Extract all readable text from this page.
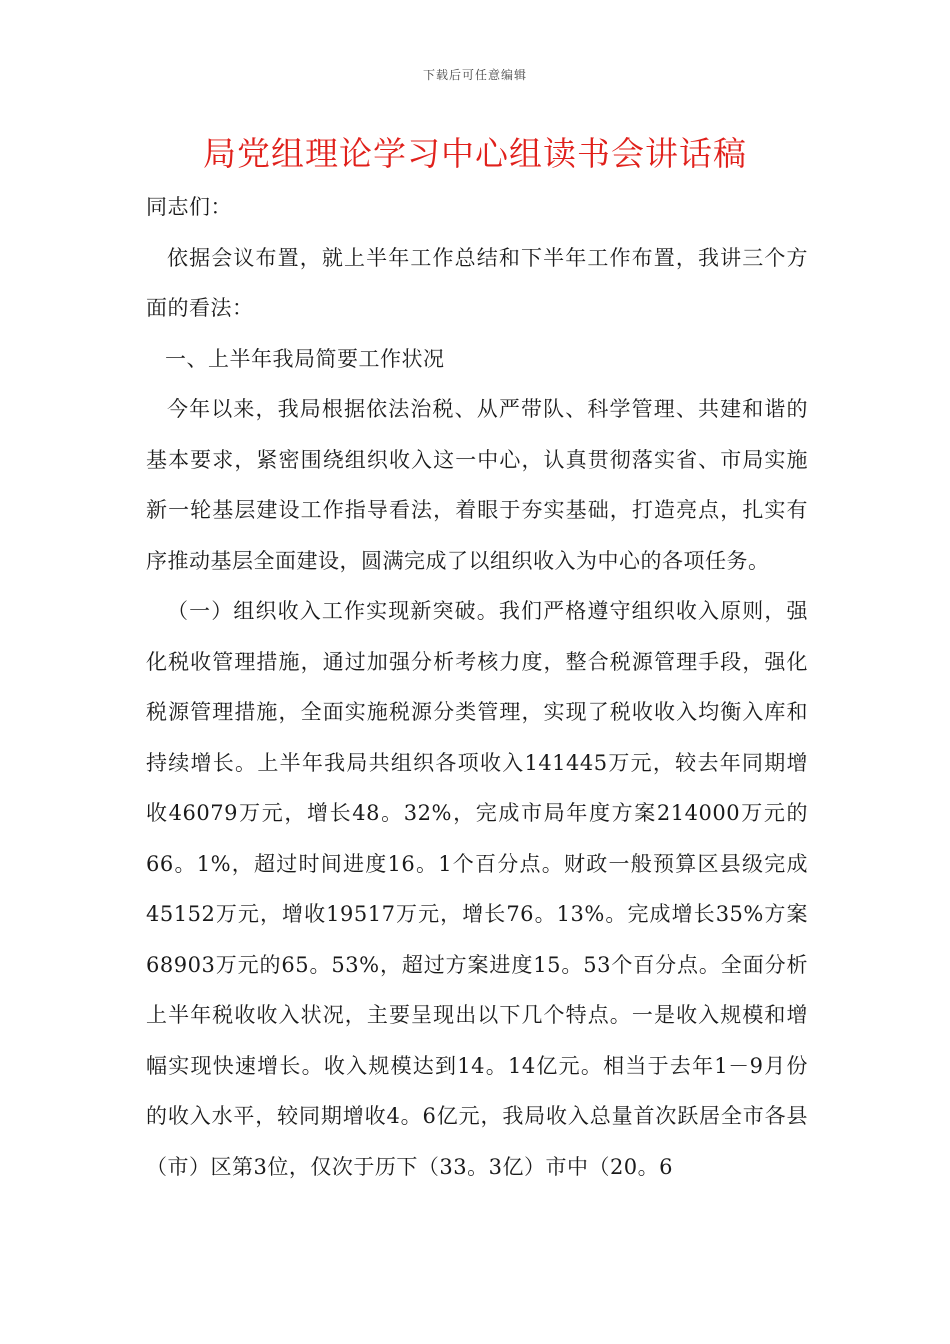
下载后可任意编辑
局党组理论学习中心组读书会讲话稿

同志们：

依据会议布置，就上半年工作总结和下半年工作布置，我讲三个方面的看法：

一、上半年我局简要工作状况

今年以来，我局根据依法治税、从严带队、科学管理、共建和谐的基本要求，紧密围绕组织收入这一中心，认真贯彻落实省、市局实施新一轮基层建设工作指导看法，着眼于夯实基础，打造亮点，扎实有序推动基层全面建设，圆满完成了以组织收入为中心的各项任务。

（一）组织收入工作实现新突破。我们严格遵守组织收入原则，强化税收管理措施，通过加强分析考核力度，整合税源管理手段，强化税源管理措施，全面实施税源分类管理，实现了税收收入均衡入库和持续增长。上半年我局共组织各项收入141445万元，较去年同期增收46079万元，增长48。32%，完成市局年度方案214000万元的66。1%，超过时间进度16。1个百分点。财政一般预算区县级完成45152万元，增收19517万元，增长76。13%。完成增长35%方案68903万元的65。53%，超过方案进度15。53个百分点。全面分析上半年税收收入状况，主要呈现出以下几个特点。一是收入规模和增幅实现快速增长。收入规模达到14。14亿元。相当于去年1－9月份的收入水平，较同期增收4。6亿元，我局收入总量首次跃居全市各县（市）区第3位，仅次于历下（33。3亿）市中（20。6
